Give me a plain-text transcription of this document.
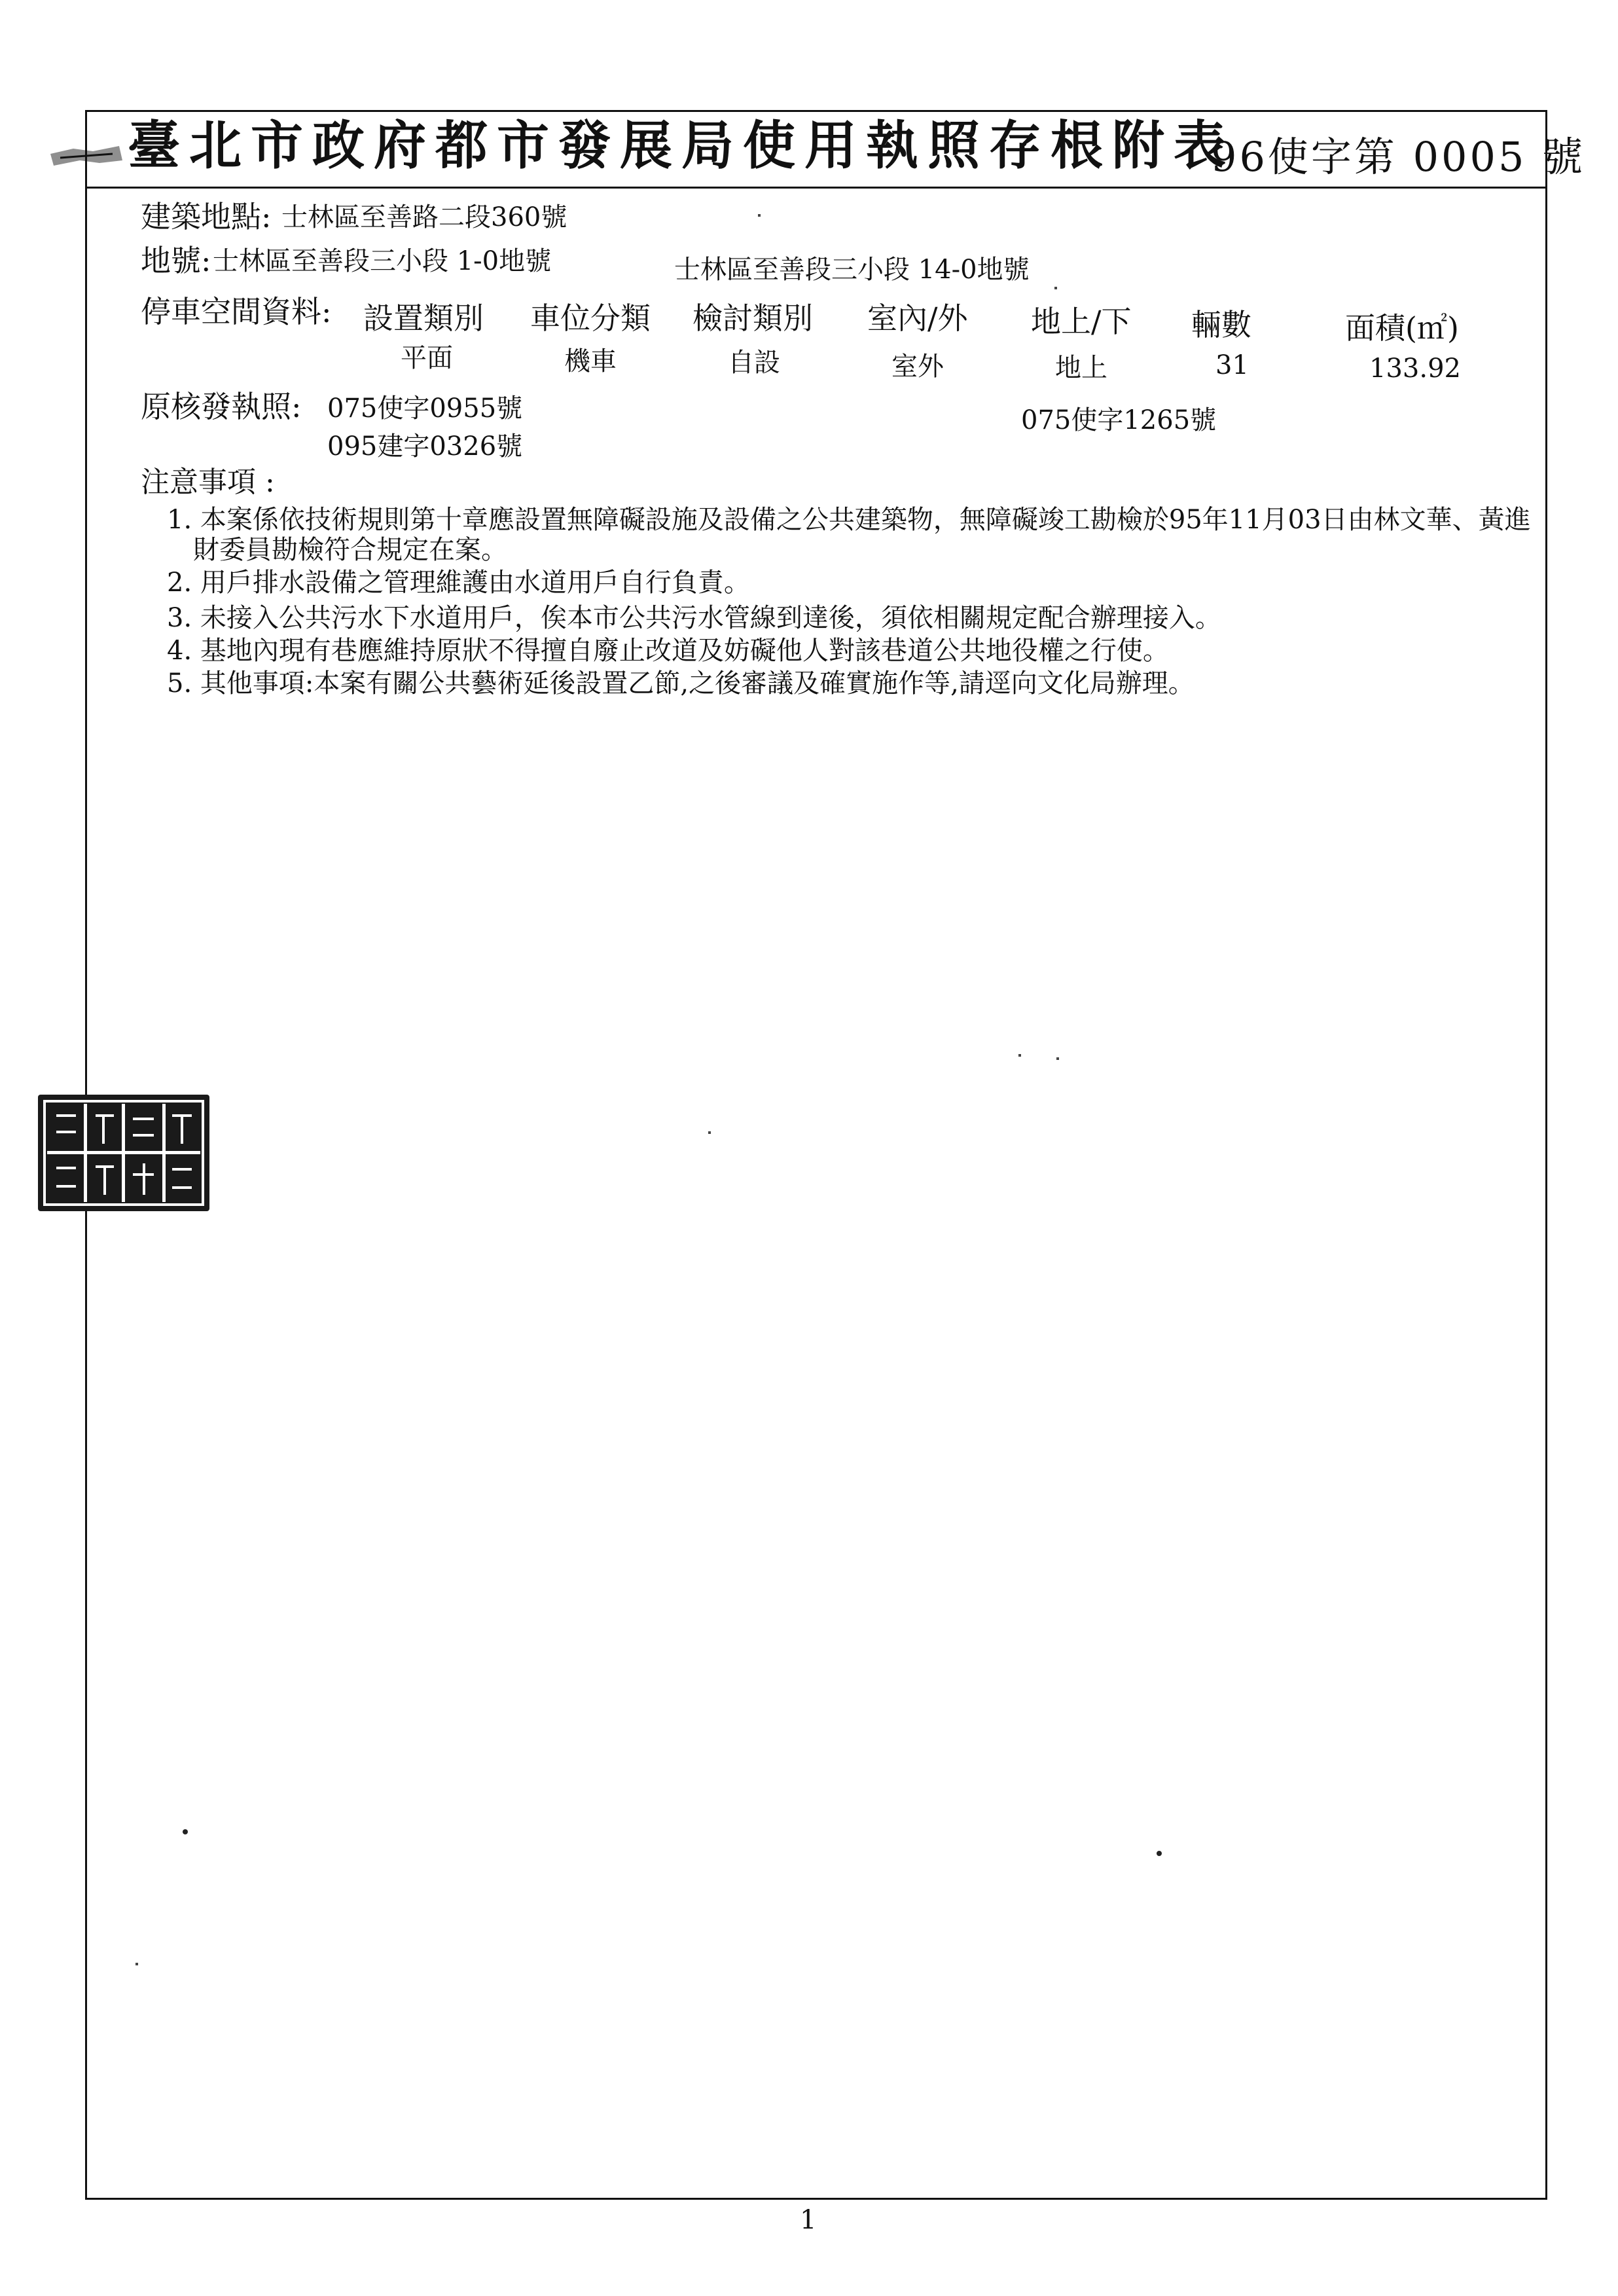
臺北市政府都市發展局使用執照存根附表
96使字第 0005 號
建築地點: 士林區至善路二段360號
地號: 士林區至善段三小段 1-0地號	士林區至善段三小段 14-0地號
停車空間資料: 設置類別 車位分類 檢討類別 室內/外 地上/下 輛數	面積(㎡)
平面	機車	自設	室外	地上	31	133.92
原核發執照: 075使字0955號	075使字1265號
095建字0326號
注意事項 :
1. 本案係依技術規則第十章應設置無障礙設施及設備之公共建築物，無障礙竣工勘檢於95年11月03日由林文華、黃進
財委員勘檢符合規定在案。
2. 用戶排水設備之管理維護由水道用戶自行負責。
3. 未接入公共污水下水道用戶，俟本市公共污水管線到達後，須依相關規定配合辦理接入。
4. 基地內現有巷應維持原狀不得擅自廢止改道及妨礙他人對該巷道公共地役權之行使。
5. 其他事項:本案有關公共藝術延後設置乙節,之後審議及確實施作等,請逕向文化局辦理。
1
